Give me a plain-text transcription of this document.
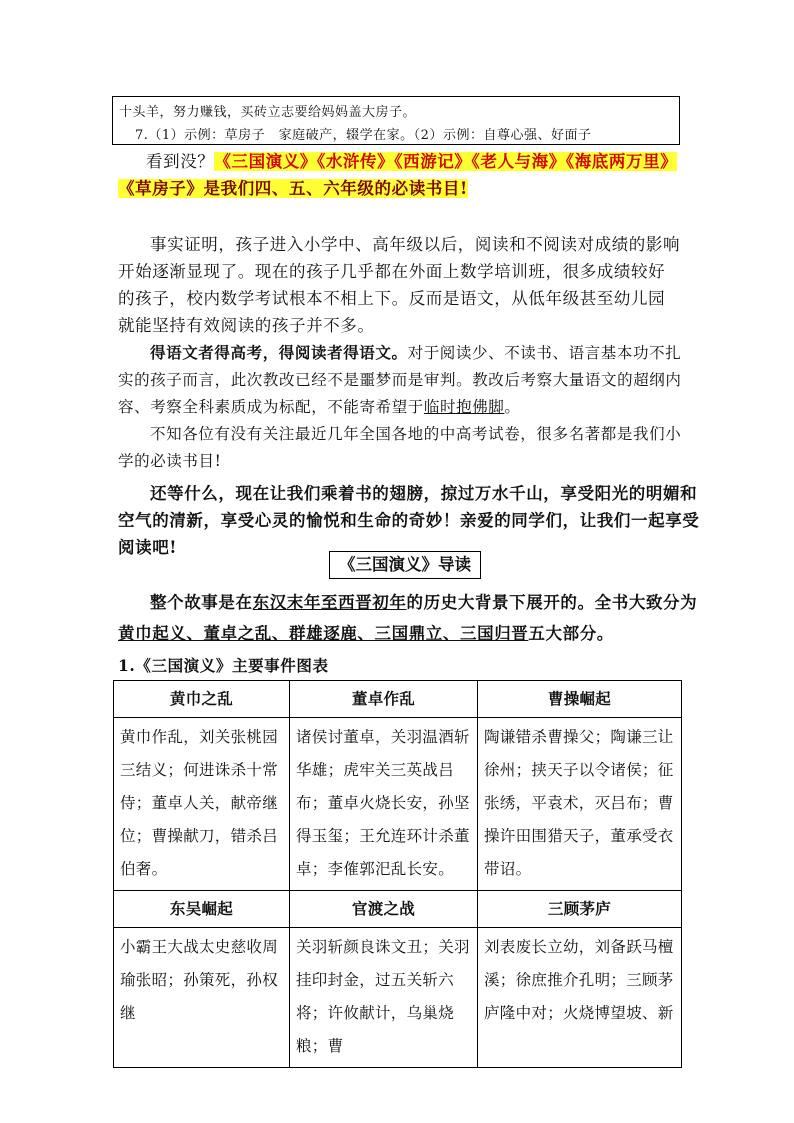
十头羊，努力赚钱，买砖立志要给妈妈盖大房子。
7.（1）示例：草房子　家庭破产，辍学在家。（2）示例：自尊心强、好面子
看到没？《三国演义》《水浒传》《西游记》《老人与海》《海底两万里》
《草房子》是我们四、五、六年级的必读书目!
事实证明，孩子进入小学中、高年级以后，阅读和不阅读对成绩的影响
开始逐渐显现了。现在的孩子几乎都在外面上数学培训班，很多成绩较好
的孩子，校内数学考试根本不相上下。反而是语文，从低年级甚至幼儿园
就能坚持有效阅读的孩子并不多。
得语文者得高考，得阅读者得语文。对于阅读少、不读书、语言基本功不扎
实的孩子而言，此次教改已经不是噩梦而是审判。教改后考察大量语文的超纲内
容、考察全科素质成为标配，不能寄希望于临时抱佛脚。
不知各位有没有关注最近几年全国各地的中高考试卷，很多名著都是我们小
学的必读书目!
还等什么，现在让我们乘着书的翅膀，掠过万水千山，享受阳光的明媚和
空气的清新，享受心灵的愉悦和生命的奇妙！亲爱的同学们，让我们一起享受
阅读吧!
《三国演义》导读
整个故事是在东汉末年至西晋初年的历史大背景下展开的。全书大致分为
黄巾起义、董卓之乱、群雄逐鹿、三国鼎立、三国归晋五大部分。
1.《三国演义》主要事件图表
黄巾之乱	董卓作乱	曹操崛起
黄巾作乱，刘关张桃园三结义；何进诛杀十常侍；董卓人关，献帝继位；曹操献刀，错杀吕伯奢。	诸侯讨董卓，关羽温酒斩华雄；虎牢关三英战吕布；董卓火烧长安，孙坚得玉玺；王允连环计杀董卓；李傕郭汜乱长安。	陶谦错杀曹操父；陶谦三让徐州；挟天子以令诸侯；征张绣，平袁术，灭吕布；曹操许田围猎天子，董承受衣带诏。
东吴崛起	官渡之战	三顾茅庐
小霸王大战太史慈收周瑜张昭；孙策死，孙权继	关羽斩颜良诛文丑；关羽挂印封金，过五关斩六将；许攸献计，乌巢烧粮；曹	刘表废长立幼，刘备跃马檀溪；徐庶推介孔明；三顾茅庐隆中对；火烧博望坡、新
